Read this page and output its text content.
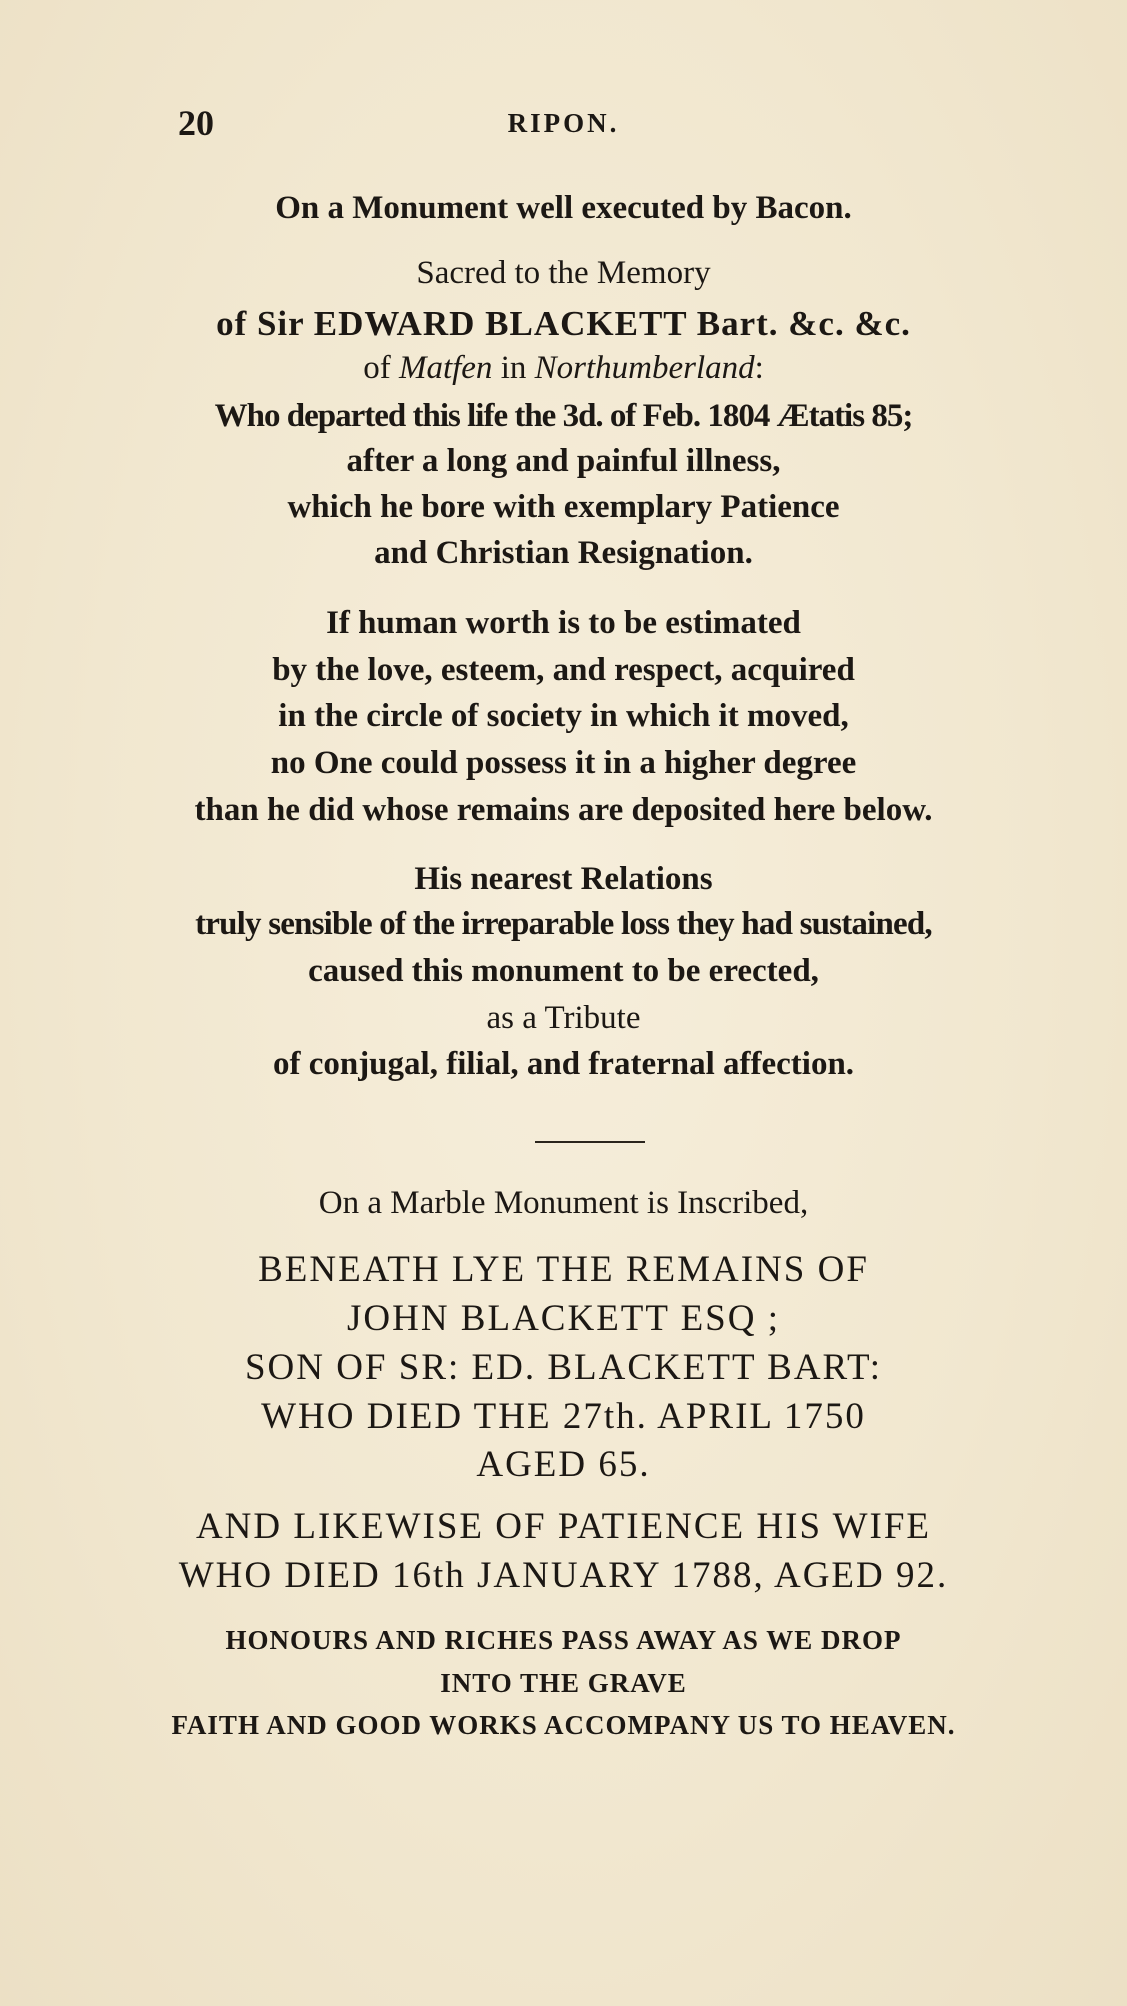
20	RIPON.

On a Monument well executed by Bacon.

Sacred to the Memory

of Sir EDWARD BLACKETT Bart. &c. &c.

of Matfen in Northumberland:

Who departed this life the 3d. of Feb. 1804 Ætatis 85;

after a long and painful illness,

which he bore with exemplary Patience

and Christian Resignation.

If human worth is to be estimated

by the love, esteem, and respect, acquired

in the circle of society in which it moved,

no One could possess it in a higher degree

than he did whose remains are deposited here below.

His nearest Relations

truly sensible of the irreparable loss they had sustained,

caused this monument to be erected,

as a Tribute

of conjugal, filial, and fraternal affection.

On a Marble Monument is Inscribed,

BENEATH LYE THE REMAINS OF

JOHN BLACKETT ESQ ;

SON OF SR: ED. BLACKETT BART:

WHO DIED THE 27th. APRIL 1750

AGED 65.

AND LIKEWISE OF PATIENCE HIS WIFE

WHO DIED 16th JANUARY 1788, AGED 92.

HONOURS AND RICHES PASS AWAY AS WE DROP

INTO THE GRAVE

FAITH AND GOOD WORKS ACCOMPANY US TO HEAVEN.
